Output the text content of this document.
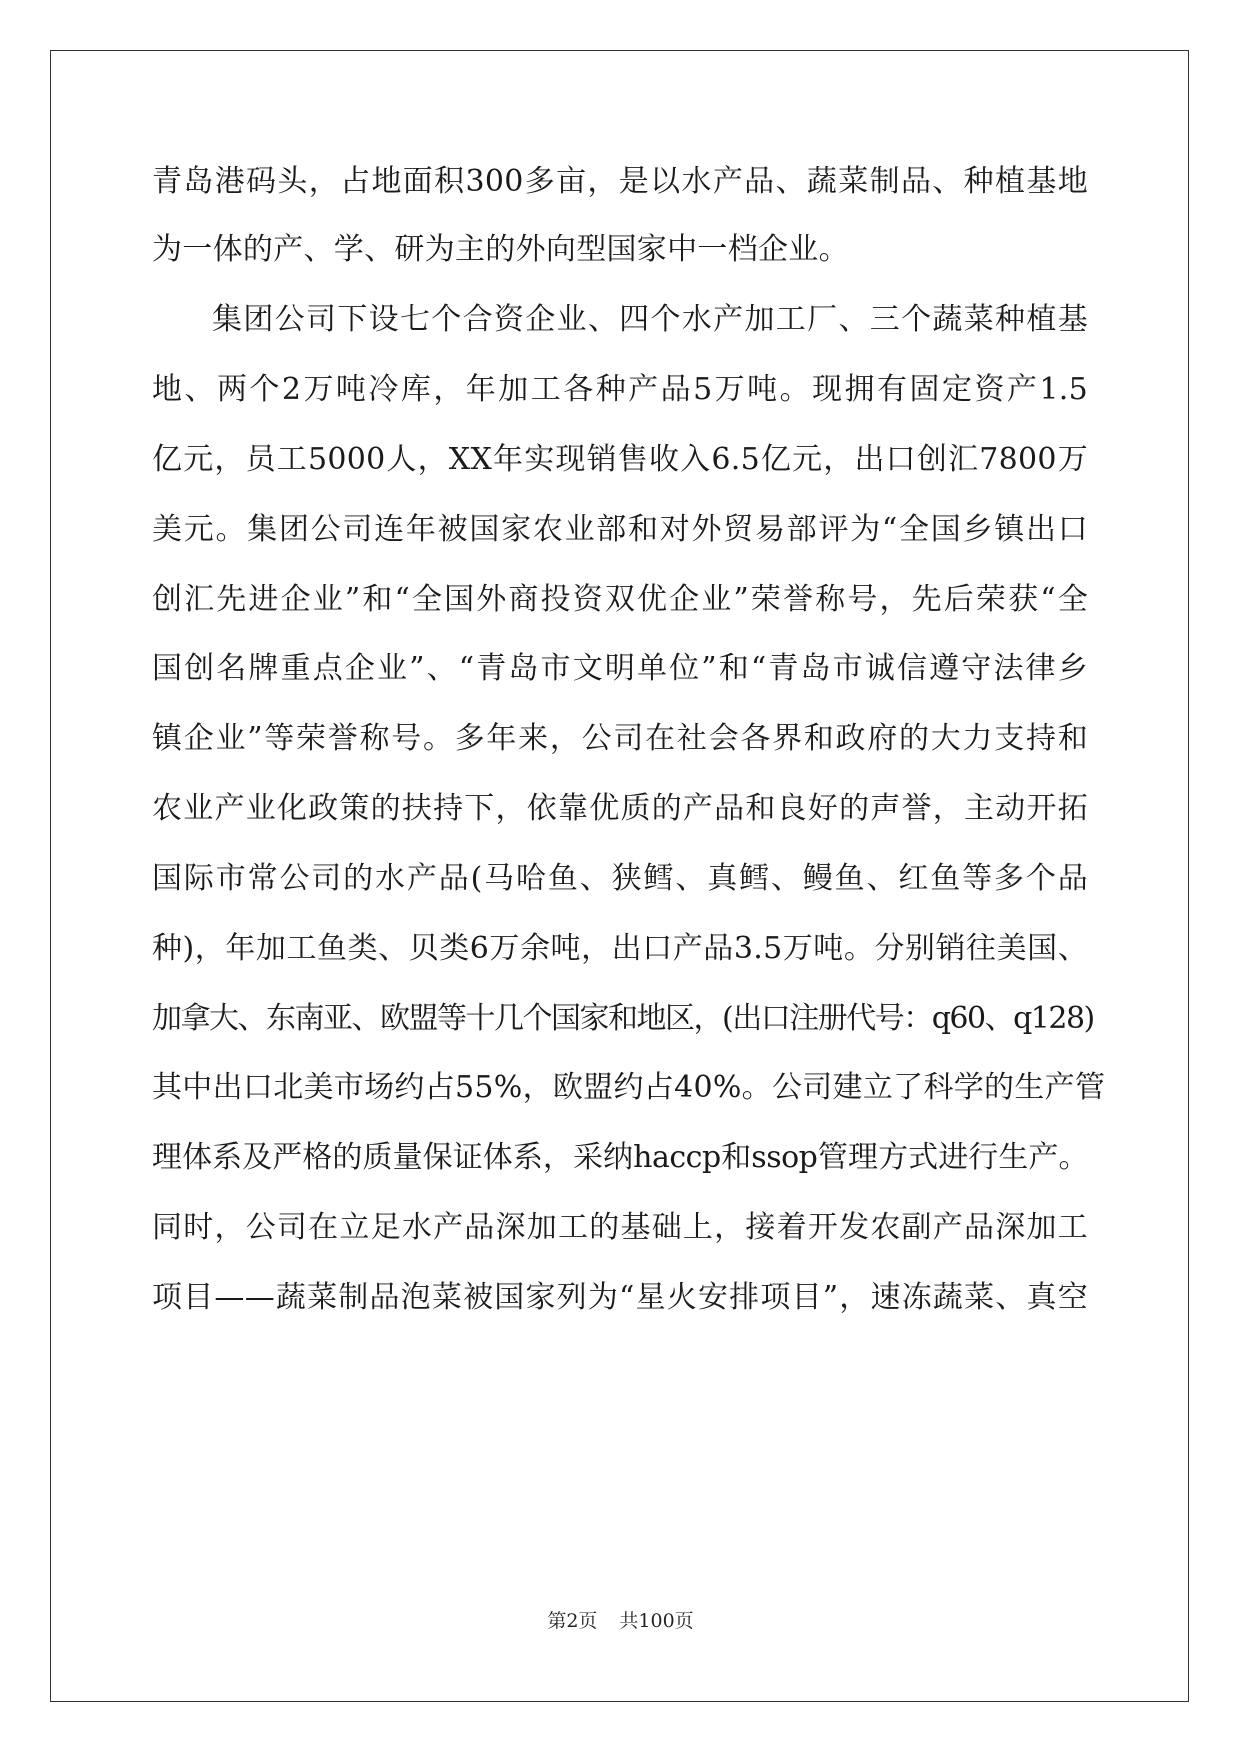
青岛港码头，占地面积300多亩，是以水产品、蔬菜制品、种植基地
为一体的产、学、研为主的外向型国家中一档企业。
集团公司下设七个合资企业、四个水产加工厂、三个蔬菜种植基
地、两个2万吨冷库，年加工各种产品5万吨。现拥有固定资产1.5
亿元，员工5000人，XX年实现销售收入6.5亿元，出口创汇7800万
美元。集团公司连年被国家农业部和对外贸易部评为“全国乡镇出口
创汇先进企业”和“全国外商投资双优企业”荣誉称号，先后荣获“全
国创名牌重点企业”、“青岛市文明单位”和“青岛市诚信遵守法律乡
镇企业”等荣誉称号。多年来，公司在社会各界和政府的大力支持和
农业产业化政策的扶持下，依靠优质的产品和良好的声誉，主动开拓
国际市常公司的水产品(马哈鱼、狭鳕、真鳕、鳗鱼、红鱼等多个品
种)，年加工鱼类、贝类6万余吨，出口产品3.5万吨。分别销往美国、
加拿大、东南亚、欧盟等十几个国家和地区，(出口注册代号：q60、q128)
其中出口北美市场约占55%，欧盟约占40%。公司建立了科学的生产管
理体系及严格的质量保证体系，采纳haccp和ssop管理方式进行生产。
同时，公司在立足水产品深加工的基础上，接着开发农副产品深加工
项目——蔬菜制品泡菜被国家列为“星火安排项目”，速冻蔬菜、真空
第2页 共100页
